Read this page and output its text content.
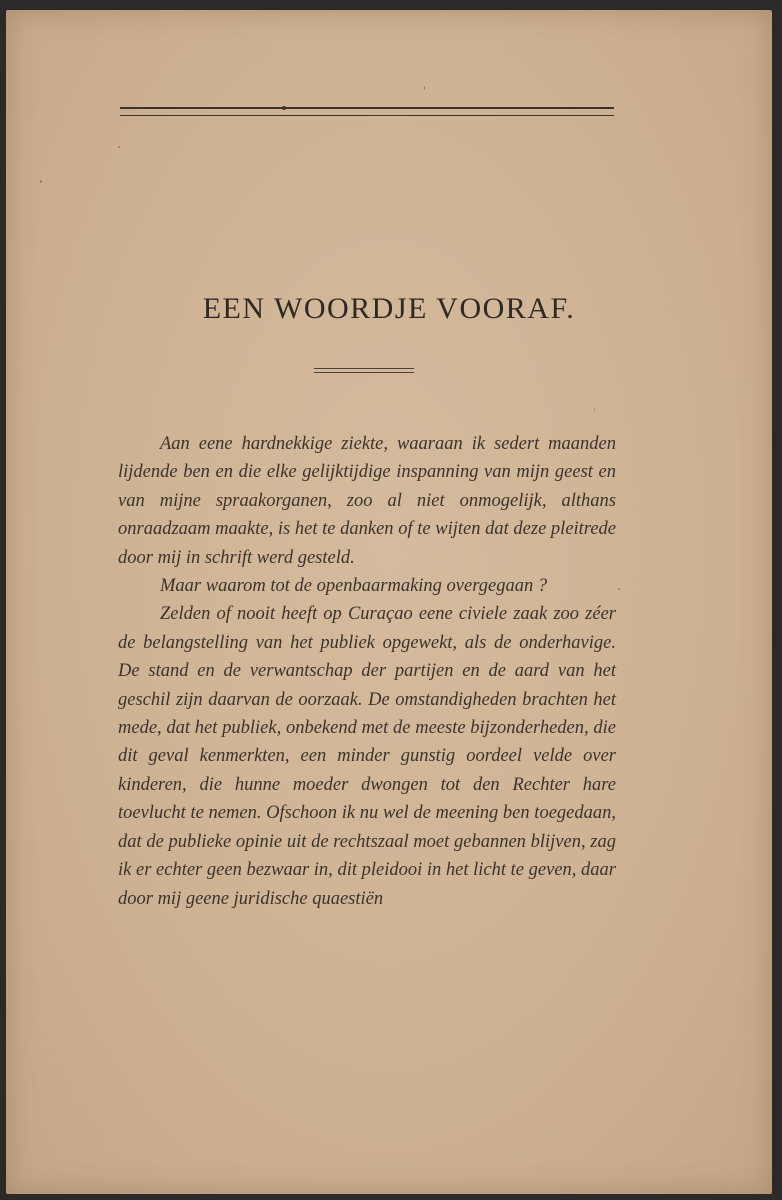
EEN WOORDJE VOORAF.

Aan eene hardnekkige ziekte, waaraan ik sedert maanden lijdende ben en die elke gelijktijdige inspanning van mijn geest en van mijne spraakorganen, zoo al niet onmogelijk, althans onraadzaam maakte, is het te danken of te wijten dat deze pleitrede door mij in schrift werd gesteld.

Maar waarom tot de openbaarmaking overgegaan ?

Zelden of nooit heeft op Curaçao eene civiele zaak zoo zéer de belangstelling van het publiek opgewekt, als de onderhavige. De stand en de verwantschap der partijen en de aard van het geschil zijn daarvan de oorzaak. De omstandigheden brachten het mede, dat het publiek, onbekend met de meeste bijzonderheden, die dit geval kenmerkten, een minder gunstig oordeel velde over kinderen, die hunne moeder dwongen tot den Rechter hare toevlucht te nemen. Ofschoon ik nu wel de meening ben toegedaan, dat de publieke opinie uit de rechtszaal moet gebannen blijven, zag ik er echter geen bezwaar in, dit pleidooi in het licht te geven, daar door mij geene juridische quaestiën
